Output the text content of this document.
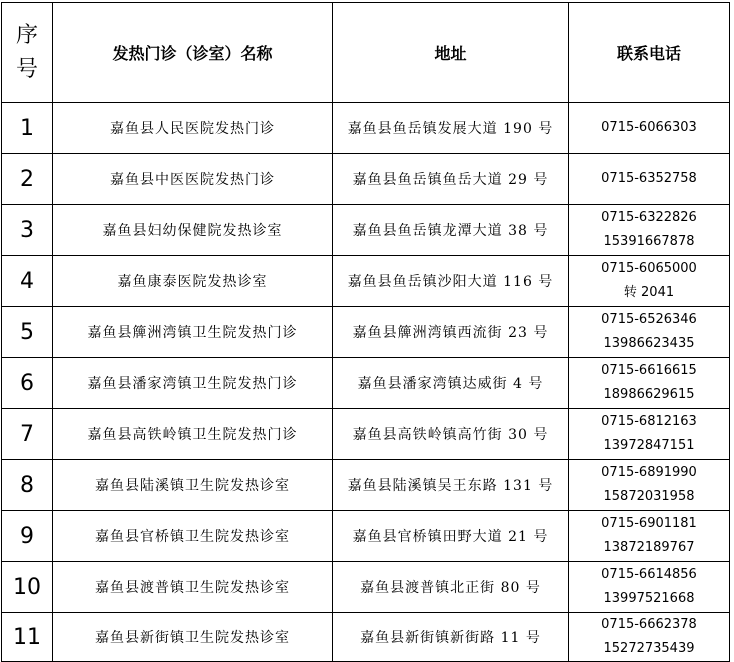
序
号	发热门诊（诊室）名称	地址	联系电话
1	嘉鱼县人民医院发热门诊	嘉鱼县鱼岳镇发展大道 190 号	0715-6066303

2	嘉鱼县中医医院发热门诊	嘉鱼县鱼岳镇鱼岳大道 29 号	0715-6352758

3	嘉鱼县妇幼保健院发热诊室	嘉鱼县鱼岳镇龙潭大道 38 号	0715-6322826
15391667878

4	嘉鱼康泰医院发热诊室	嘉鱼县鱼岳镇沙阳大道 116 号	0715-6065000
转 2041

5	嘉鱼县簰洲湾镇卫生院发热门诊	嘉鱼县簰洲湾镇西流街 23 号	0715-6526346
13986623435

6	嘉鱼县潘家湾镇卫生院发热门诊	嘉鱼县潘家湾镇达威街 4 号	0715-6616615
18986629615

7	嘉鱼县高铁岭镇卫生院发热门诊	嘉鱼县高铁岭镇高竹街 30 号	0715-6812163
13972847151

8	嘉鱼县陆溪镇卫生院发热诊室	嘉鱼县陆溪镇吴王东路 131 号	0715-6891990
15872031958

9	嘉鱼县官桥镇卫生院发热诊室	嘉鱼县官桥镇田野大道 21 号	0715-6901181
13872189767

10	嘉鱼县渡普镇卫生院发热诊室	嘉鱼县渡普镇北正街 80 号	0715-6614856
13997521668

11	嘉鱼县新街镇卫生院发热诊室	嘉鱼县新街镇新街路 11 号	0715-6662378
15272735439
